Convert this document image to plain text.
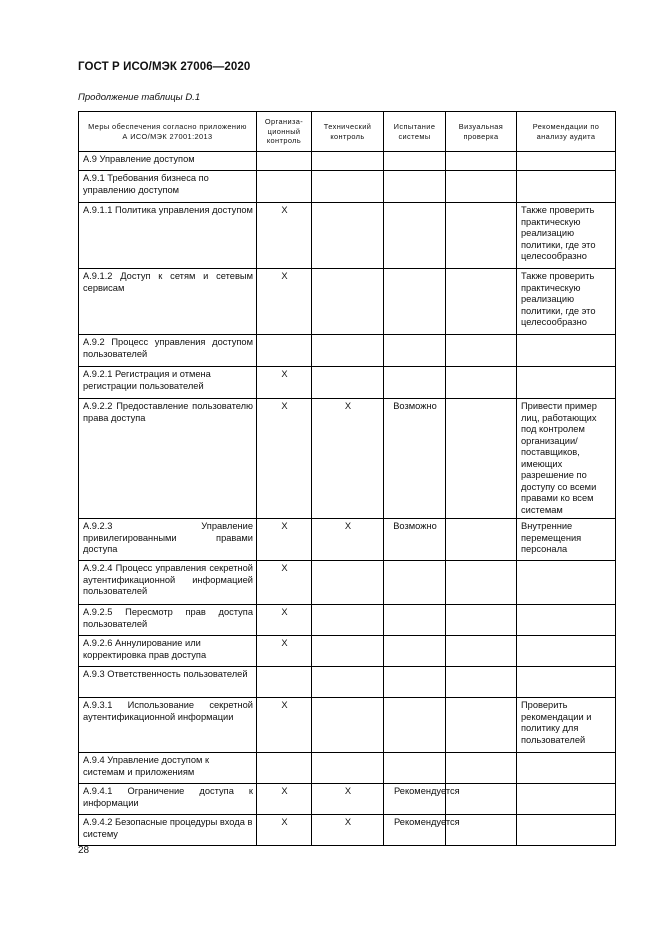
ГОСТ Р ИСО/МЭК 27006—2020
Продолжение таблицы D.1
Меры обеспечения согласно приложению А ИСО/МЭК 27001:2013	Организа-ционный контроль	Технический контроль	Испытание системы	Визуальная проверка	Рекомендации по анализу аудита
А.9 Управление доступом					
А.9.1 Требования бизнеса по управлению доступом					
А.9.1.1 Политика управления доступом	Х				Также проверить практическую реализацию политики, где это целесообразно
А.9.1.2 Доступ к сетям и сетевым сервисам	Х				Также проверить практическую реализацию политики, где это целесообразно
А.9.2 Процесс управления доступом пользователей					
А.9.2.1 Регистрация и отмена регистрации пользователей	Х				
А.9.2.2 Предоставление пользователю права доступа	Х	Х	Возможно		Привести пример лиц, работающих под контролем организации/ поставщиков, имеющих разрешение по доступу со всеми правами ко всем системам
А.9.2.3 Управление привилегированными правами доступа	Х	Х	Возможно		Внутренние перемещения персонала
А.9.2.4 Процесс управления секретной аутентификационной информацией пользователей	Х				
А.9.2.5 Пересмотр прав доступа пользователей	Х				
А.9.2.6 Аннулирование или корректировка прав доступа	Х				
А.9.3 Ответственность пользователей					
А.9.3.1 Использование секретной аутентификационной информации	Х				Проверить рекомендации и политику для пользователей
А.9.4 Управление доступом к системам и приложениям					
А.9.4.1 Ограничение доступа к информации	Х	Х	Рекомендуется		
А.9.4.2 Безопасные процедуры входа в систему	Х	Х	Рекомендуется		
28
